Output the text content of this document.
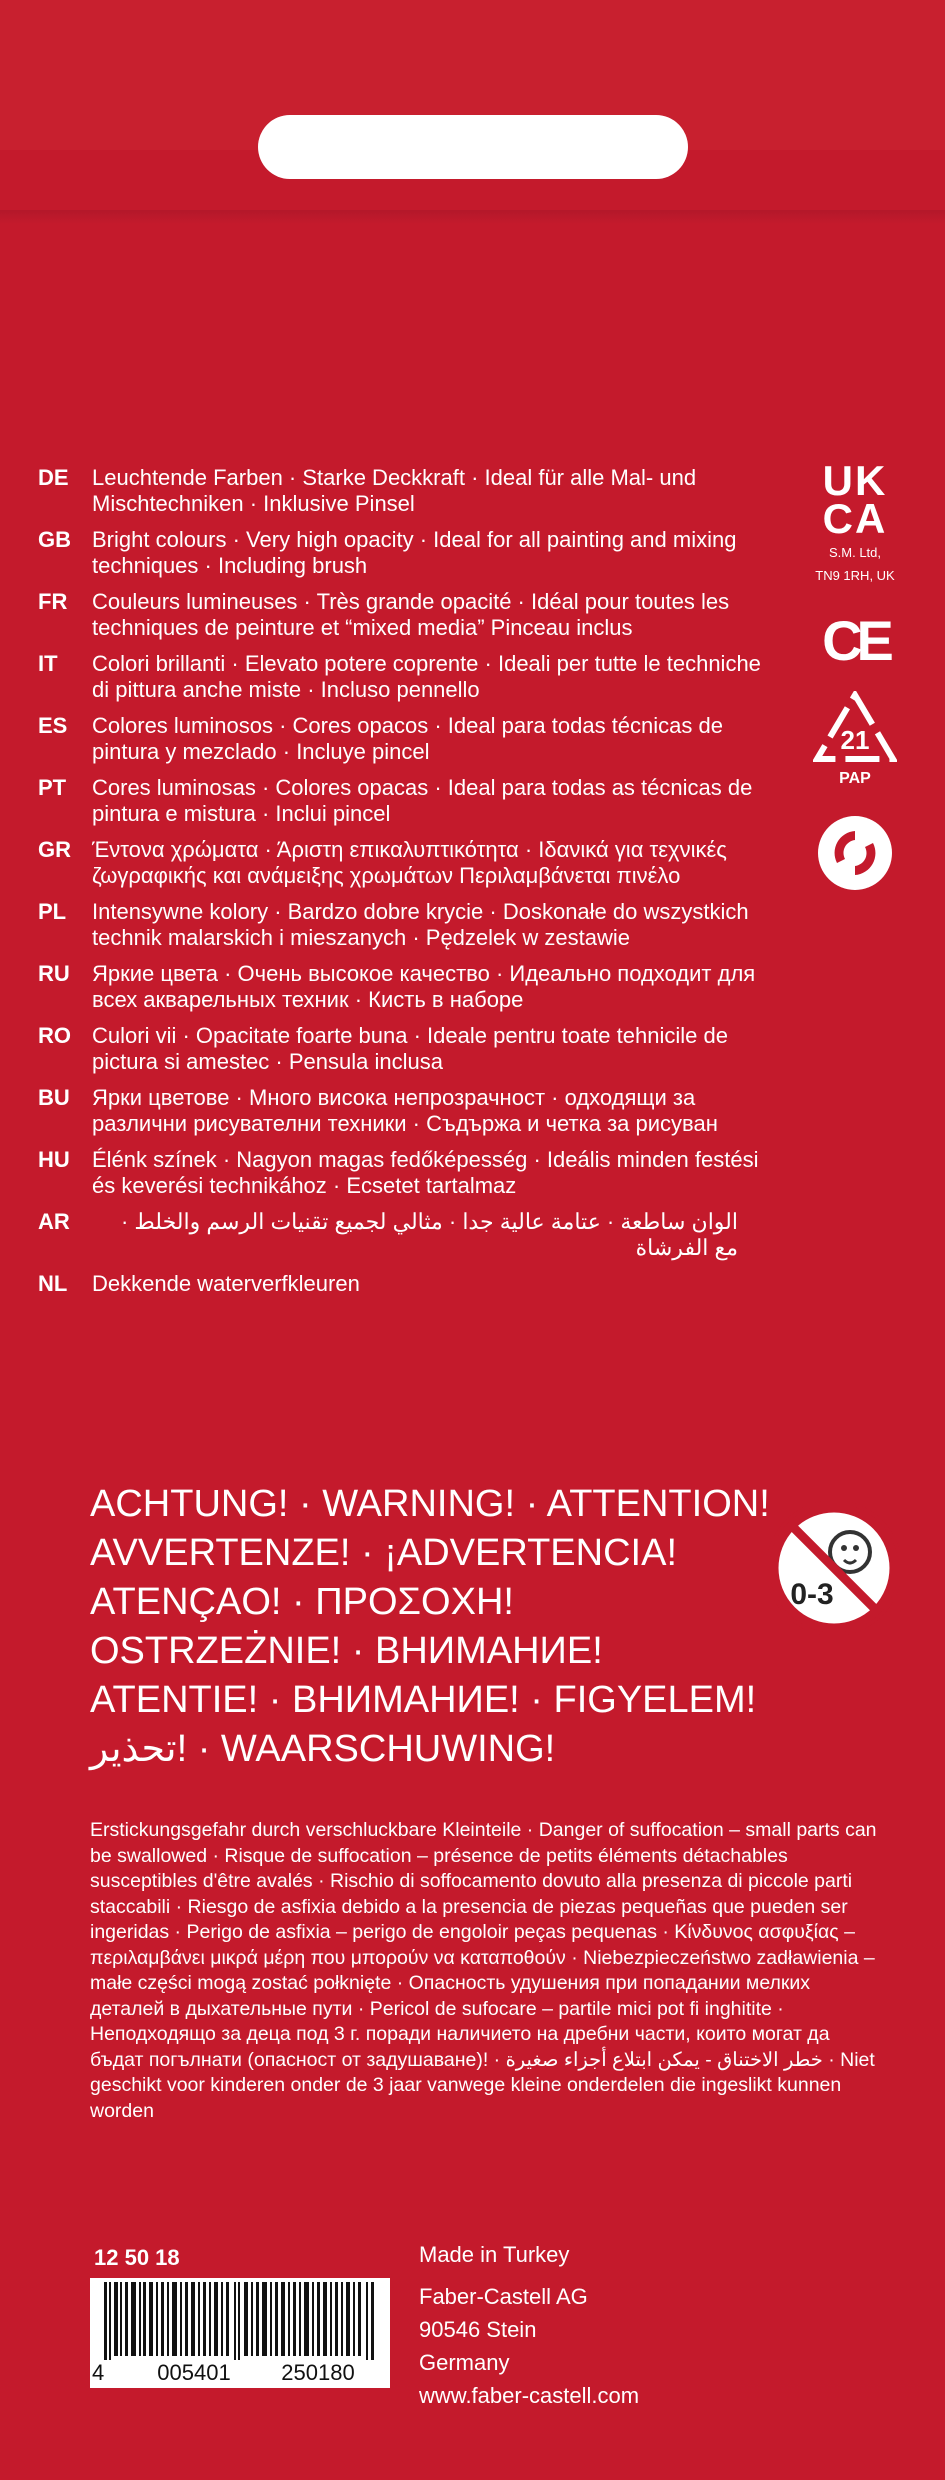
DE	Leuchtende Farben · Starke Deckkraft · Ideal für alle Mal- und Mischtechniken · Inklusive Pinsel
GB Bright colours · Very high opacity · Ideal for all painting and mixing techniques · Including brush
FR	Couleurs lumineuses · Très grande opacité · Idéal pour toutes les techniques de peinture et “mixed media” Pinceau inclus
IT	Colori brillanti · Elevato potere coprente · Ideali per tutte le techniche di pittura anche miste · Incluso pennello
ES	Colores luminosos · Cores opacos · Ideal para todas técnicas de pintura y mezclado · Incluye pincel
PT	Cores luminosas · Colores opacas · Ideal para todas as técnicas de pintura e mistura · Inclui pincel
GR Έντονα χρώματα · Άριστη επικαλυπτικότητα · Ιδανικά για τεχνικές ζωγραφικής και ανάμειξης χρωμάτων Περιλαμβάνεται πινέλο
PL	Intensywne kolory · Bardzo dobre krycie · Doskonałe do wszystkich technik malarskich i mieszanych · Pędzelek w zestawie
RU	Яркие цвета · Очень высокое качество · Идеально подходит для всех акварельных техник · Кисть в наборе
RO Culori vii · Opacitate foarte buna · Ideale pentru toate tehnicile de pictura si amestec · Pensula inclusa
BU	Ярки цветове · Много висока непрозрачност · одходящи за различни рисувателни техники · Съдържа и четка за рисуван
HU	Élénk színek · Nagyon magas fedőképesség · Ideális minden festési és keverési technikához · Ecsetet tartalmaz
AR	الوان ساطعة · عتامة عالية جدا · مثالي لجميع تقنيات الرسم والخلط · مع الفرشاة
NL	Dekkende waterverfkleuren
UK
CA
S.M. Ltd,
TN9 1RH, UK
CE
21
PAP
ACHTUNG! · WARNING! · ATTENTION!
AVVERTENZE! · ¡ADVERTENCIA!
ATENÇAO! · ΠΡΟΣΟΧΗ!
OSTRZEŻNIE! · ВНИМАНИЕ!
ATENTIE! · ВНИМАНИЕ! · FIGYELEM!
تحذير! · WAARSCHUWING!
0-3
Erstickungsgefahr durch verschluckbare Kleinteile · Danger of suffocation – small parts can be swallowed · Risque de suffocation – présence de petits éléments détachables susceptibles d'être avalés · Rischio di soffocamento dovuto alla presenza di piccole parti staccabili · Riesgo de asfixia debido a la presencia de piezas pequeñas que pueden ser ingeridas · Perigo de asfixia – perigo de engoloir peças pequenas · Κίνδυνος ασφυξίας – περιλαμβάνει μικρά μέρη που μπορούν να καταποθούν · Niebezpieczeństwo zadławienia – małe części mogą zostać połknięte · Опасность удушения при попадании мелких деталей в дыхательные пути · Pericol de sufocare – partile mici pot fi inghitite · Неподходящо за деца под 3 г. поради наличието на дребни части, които могат да бъдат погълнати (опасност от задушаване)! · خطر الاختناق - يمكن ابتلاع أجزاء صغيرة · Niet geschikt voor kinderen onder de 3 jaar vanwege kleine onderdelen die ingeslikt kunnen worden
12 50 18
4	005401	250180
Made in Turkey
Faber-Castell AG
90546 Stein
Germany
www.faber-castell.com
